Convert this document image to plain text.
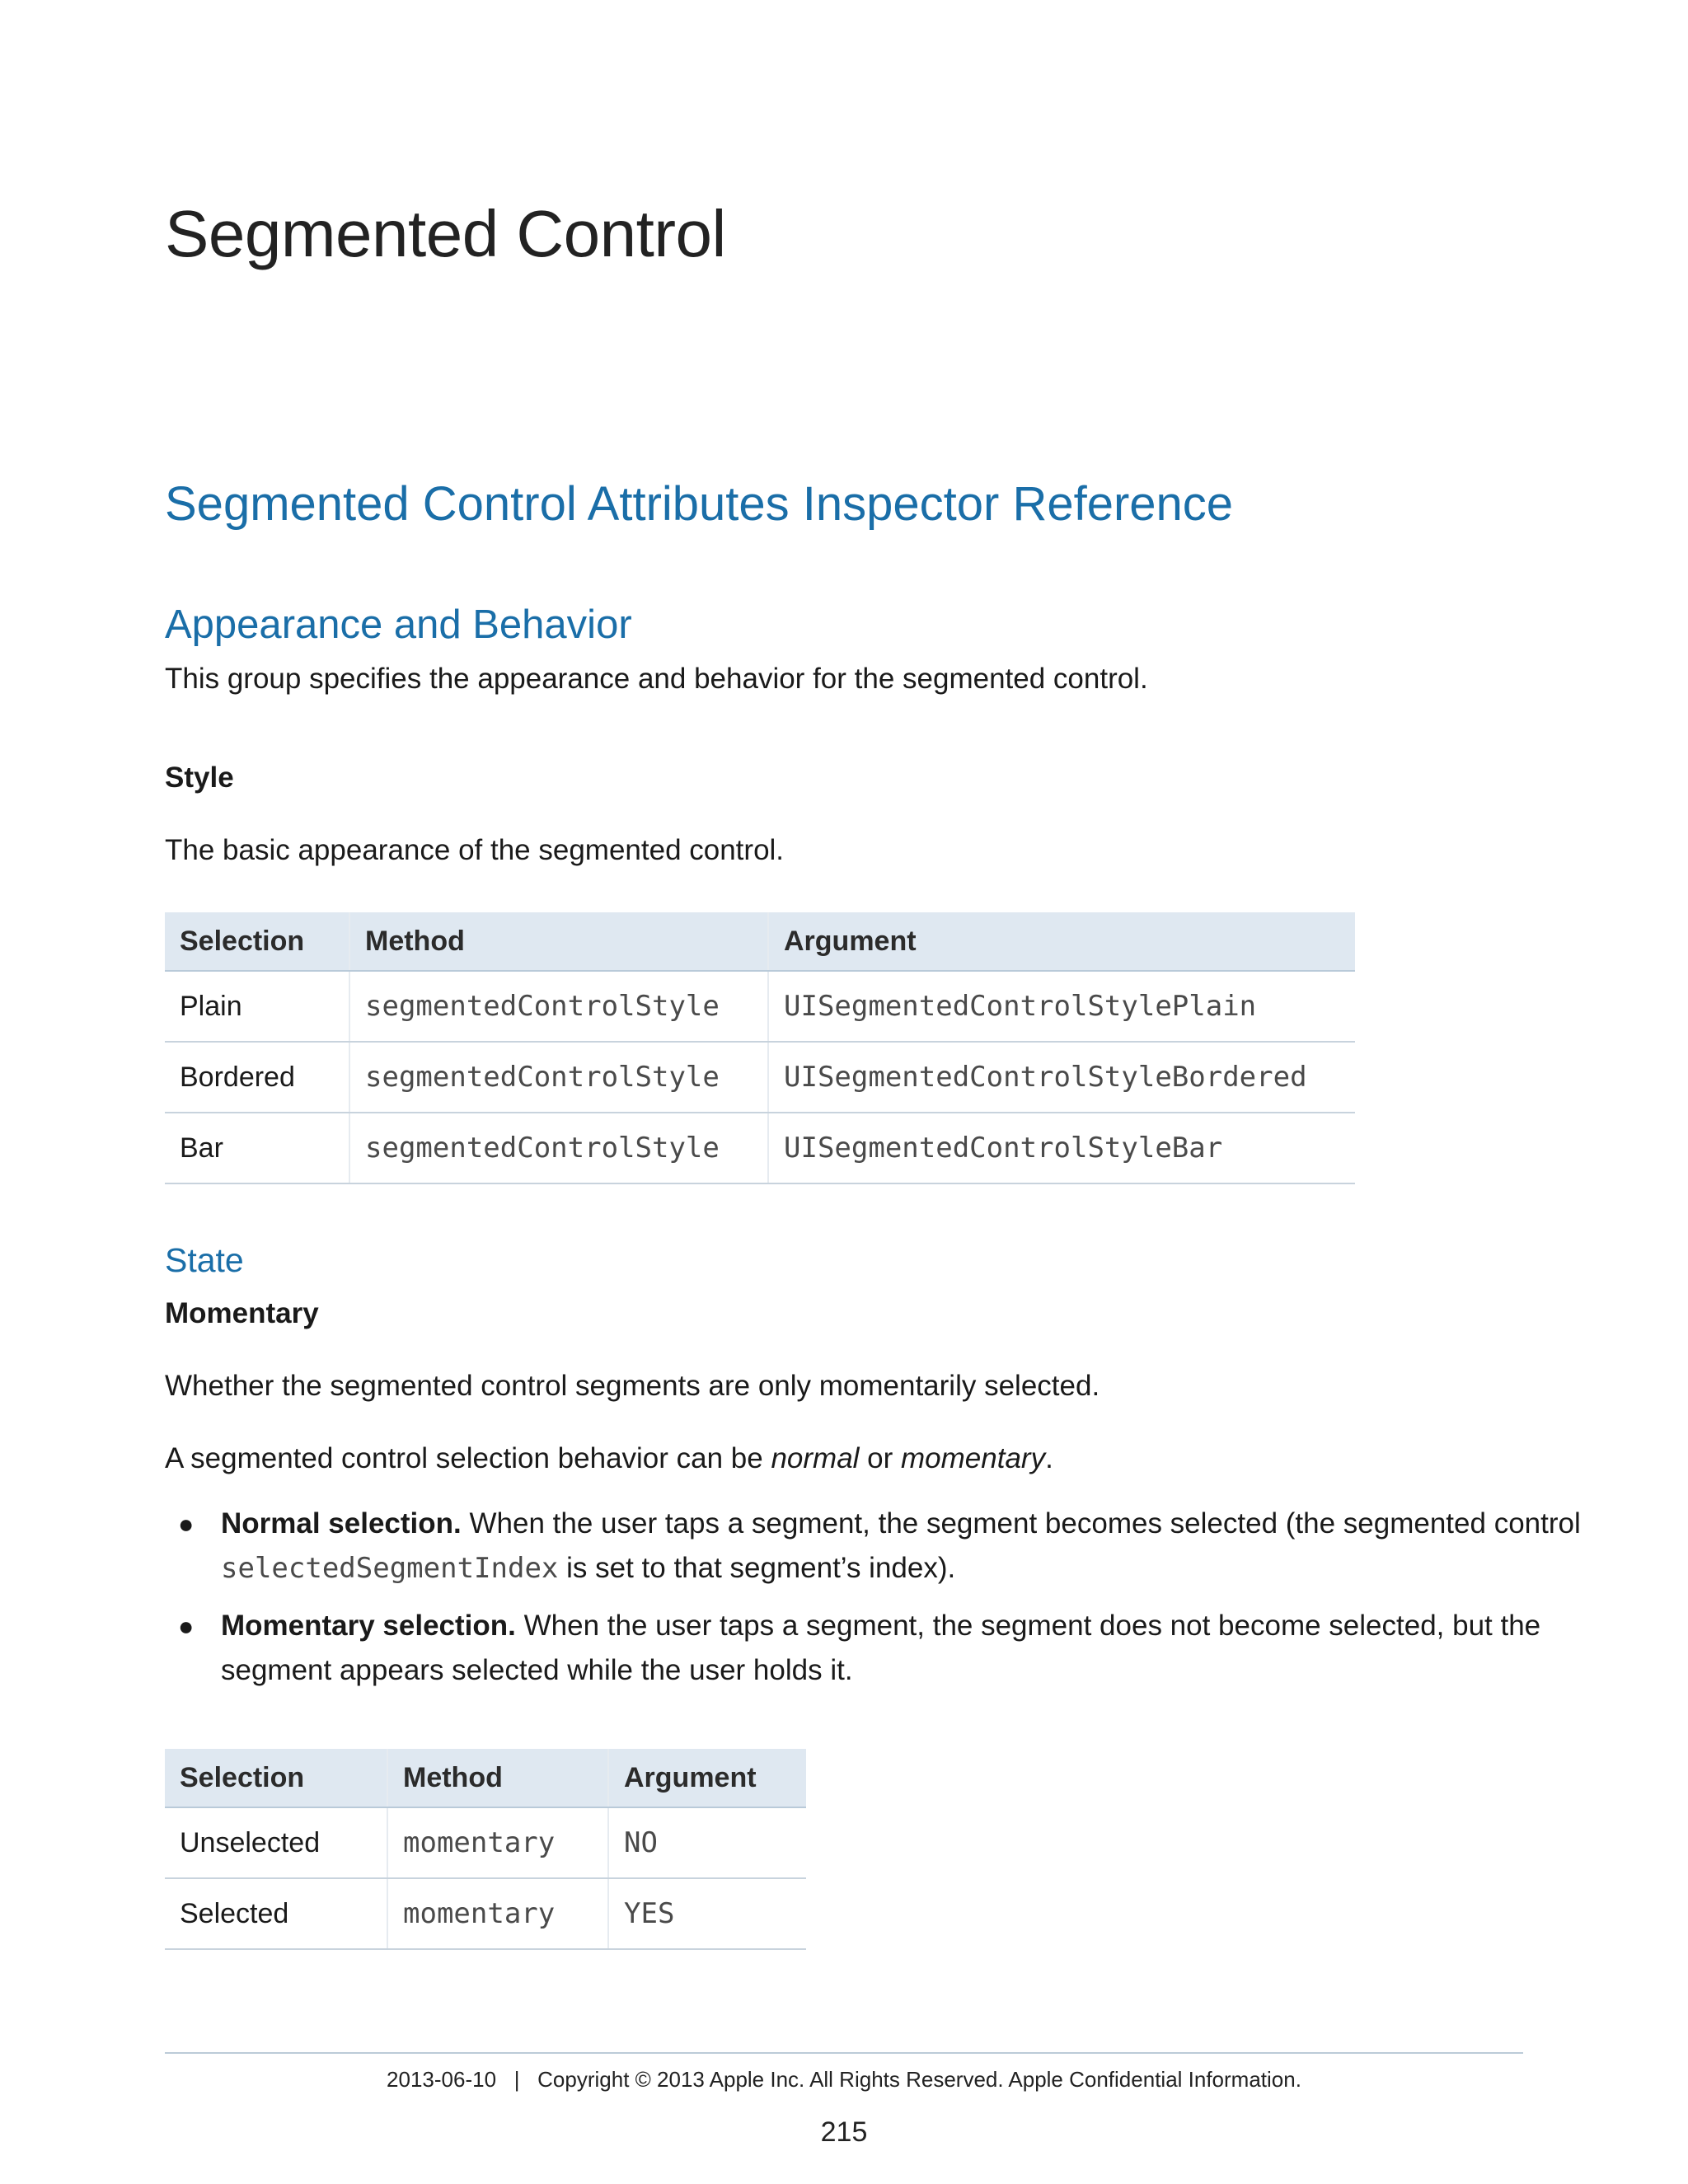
Segmented Control
Segmented Control Attributes Inspector Reference
Appearance and Behavior

This group specifies the appearance and behavior for the segmented control.

Style

The basic appearance of the segmented control.

Selection	Method	Argument
Plain	segmentedControlStyle	UISegmentedControlStylePlain
Bordered	segmentedControlStyle	UISegmentedControlStyleBordered
Bar	segmentedControlStyle	UISegmentedControlStyleBar
State

Momentary

Whether the segmented control segments are only momentarily selected.

A segmented control selection behavior can be normal or momentary.

● Normal selection. When the user taps a segment, the segment becomes selected (the segmented control
selectedSegmentIndex is set to that segment’s index).
● Momentary selection. When the user taps a segment, the segment does not become selected, but the
segment appears selected while the user holds it.
Selection	Method	Argument
Unselected	momentary	NO
Selected	momentary	YES
2013-06-10   |   Copyright © 2013 Apple Inc. All Rights Reserved. Apple Confidential Information.
215
